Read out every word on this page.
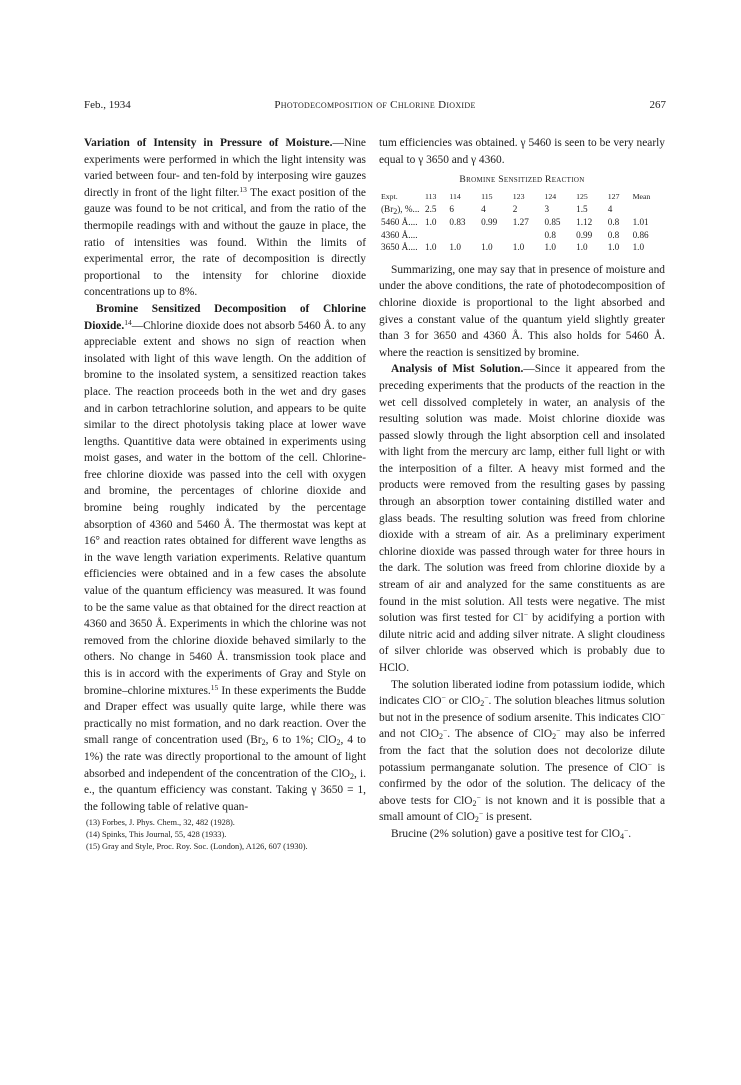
Feb., 1934	Photodecomposition of Chlorine Dioxide	267

Variation of Intensity in Pressure of Moisture.—Nine experiments were performed in which the light intensity was varied between four- and ten-fold by interposing wire gauzes directly in front of the light filter.$^{13}$ The exact position of the gauze was found to be not critical, and from the ratio of the thermopile readings with and without the gauze in place, the ratio of intensities was found. Within the limits of experimental error, the rate of decomposition is directly proportional to the intensity for chlorine dioxide concentrations up to 8%.

Bromine Sensitized Decomposition of Chlorine Dioxide.$^{14}$—Chlorine dioxide does not absorb 5460 Å. to any appreciable extent and shows no sign of reaction when insolated with light of this wave length. On the addition of bromine to the insolated system, a sensitized reaction takes place. The reaction proceeds both in the wet and dry gases and in carbon tetrachlorine solution, and appears to be quite similar to the direct photolysis taking place at lower wave lengths. Quantitive data were obtained in experiments using moist gases, and water in the bottom of the cell. Chlorine-free chlorine dioxide was passed into the cell with oxygen and bromine, the percentages of chlorine dioxide and bromine being roughly indicated by the percentage absorption of 4360 and 5460 Å. The thermostat was kept at 16° and reaction rates obtained for different wave lengths as in the wave length variation experiments. Relative quantum efficiencies were obtained and in a few cases the absolute value of the quantum efficiency was measured. It was found to be the same value as that obtained for the direct reaction at 4360 and 3650 Å. Experiments in which the chlorine was not removed from the chlorine dioxide behaved similarly to the others. No change in 5460 Å. transmission took place and this is in accord with the experiments of Gray and Style on bromine–chlorine mixtures.$^{15}$ In these experiments the Budde and Draper effect was usually quite large, while there was practically no mist formation, and no dark reaction. Over the small range of concentration used ($Br_2$, 6 to 1%; ClO$_2$, 4 to 1%) the rate was directly proportional to the amount of light absorbed and independent of the concentration of the ClO$_2$, i. e., the quantum efficiency was constant. Taking γ 3650 = 1, the following table of relative quan-

(13) Forbes, J. Phys. Chem., 32, 482 (1928).
(14) Spinks, This Journal, 55, 428 (1933).
(15) Gray and Style, Proc. Roy. Soc. (London), A126, 607 (1930).

tum efficiencies was obtained. γ 5460 is seen to be very nearly equal to γ 3650 and γ 4360.

Bromine Sensitized Reaction
Expt.	113	114	115	123	124	125	127	Mean
$(Br_2)$, %...	2.5	6	4	2	3	1.5	4	
5460 Å....	1.0	0.83	0.99	1.27	0.85	1.12	0.8	1.01
4360 Å....					0.8	0.99	0.8	0.86
3650 Å....	1.0	1.0	1.0	1.0	1.0	1.0	1.0	1.0

Summarizing, one may say that in presence of moisture and under the above conditions, the rate of photodecomposition of chlorine dioxide is proportional to the light absorbed and gives a constant value of the quantum yield slightly greater than 3 for 3650 and 4360 Å. This also holds for 5460 Å. where the reaction is sensitized by bromine.

Analysis of Mist Solution.—Since it appeared from the preceding experiments that the products of the reaction in the wet cell dissolved completely in water, an analysis of the resulting solution was made. Moist chlorine dioxide was passed slowly through the light absorption cell and insolated with light from the mercury arc lamp, either full light or with the interposition of a filter. A heavy mist formed and the products were removed from the resulting gases by passing through an absorption tower containing distilled water and glass beads. The resulting solution was freed from chlorine dioxide with a stream of air. As a preliminary experiment chlorine dioxide was passed through water for three hours in the dark. The solution was freed from chlorine dioxide by a stream of air and analyzed for the same constituents as are found in the mist solution. All tests were negative. The mist solution was first tested for Cl− by acidifying a portion with dilute nitric acid and adding silver nitrate. A slight cloudiness of silver chloride was observed which is probably due to HClO.

The solution liberated iodine from potassium iodide, which indicates ClO− or ClO$_2$−. The solution bleaches litmus solution but not in the presence of sodium arsenite. This indicates ClO− and not ClO$_2$−. The absence of ClO$_2$− may also be inferred from the fact that the solution does not decolorize dilute potassium permanganate solution. The presence of ClO− is confirmed by the odor of the solution. The delicacy of the above tests for ClO$_2$− is not known and it is possible that a small amount of ClO$_2$− is present.

Brucine (2% solution) gave a positive test for ClO$_4$−.
